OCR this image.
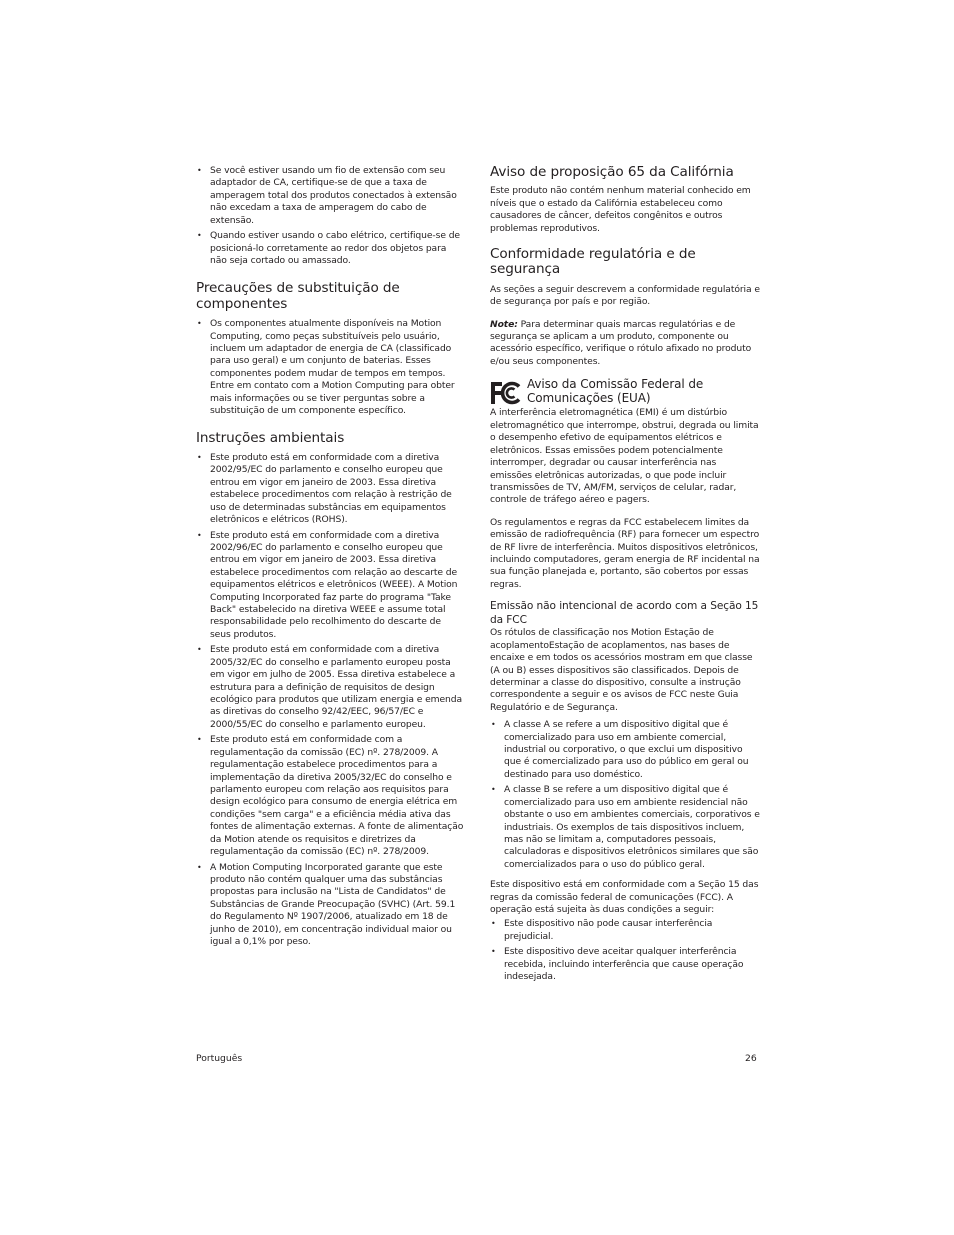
• Se você estiver usando um fio de extensão com seu adaptador de CA, certifique-se de que a taxa de amperagem total dos produtos conectados à extensão não excedam a taxa de amperagem do cabo de extensão.
• Quando estiver usando o cabo elétrico, certifique-se de posicioná-lo corretamente ao redor dos objetos para não seja cortado ou amassado.
Precauções de substituição de componentes
• Os componentes atualmente disponíveis na Motion Computing, como peças substituíveis pelo usuário, incluem um adaptador de energia de CA (classificado para uso geral) e um conjunto de baterias. Esses componentes podem mudar de tempos em tempos. Entre em contato com a Motion Computing para obter mais informações ou se tiver perguntas sobre a substituição de um componente específico.
Instruções ambientais
• Este produto está em conformidade com a diretiva 2002/95/EC do parlamento e conselho europeu que entrou em vigor em janeiro de 2003. Essa diretiva estabelece procedimentos com relação à restrição de uso de determinadas substâncias em equipamentos eletrônicos e elétricos (ROHS).
• Este produto está em conformidade com a diretiva 2002/96/EC do parlamento e conselho europeu que entrou em vigor em janeiro de 2003. Essa diretiva estabelece procedimentos com relação ao descarte de equipamentos elétricos e eletrônicos (WEEE). A Motion Computing Incorporated faz parte do programa "Take Back" estabelecido na diretiva WEEE e assume total responsabilidade pelo recolhimento do descarte de seus produtos.
• Este produto está em conformidade com a diretiva 2005/32/EC do conselho e parlamento europeu posta em vigor em julho de 2005. Essa diretiva estabelece a estrutura para a definição de requisitos de design ecológico para produtos que utilizam energia e emenda as diretivas do conselho 92/42/EEC, 96/57/EC e 2000/55/EC do conselho e parlamento europeu.
• Este produto está em conformidade com a regulamentação da comissão (EC) nº. 278/2009. A regulamentação estabelece procedimentos para a implementação da diretiva 2005/32/EC do conselho e parlamento europeu com relação aos requisitos para design ecológico para consumo de energia elétrica em condições "sem carga" e a eficiência média ativa das fontes de alimentação externas. A fonte de alimentação da Motion atende os requisitos e diretrizes da regulamentação da comissão (EC) nº. 278/2009.
• A Motion Computing Incorporated garante que este produto não contém qualquer uma das substâncias propostas para inclusão na "Lista de Candidatos" de Substâncias de Grande Preocupação (SVHC) (Art. 59.1 do Regulamento Nº 1907/2006, atualizado em 18 de junho de 2010), em concentração individual maior ou igual a 0,1% por peso.
Aviso de proposição 65 da Califórnia

Este produto não contém nenhum material conhecido em níveis que o estado da Califórnia estabeleceu como causadores de câncer, defeitos congênitos e outros problemas reprodutivos.

Conformidade regulatória e de segurança

As seções a seguir descrevem a conformidade regulatória e de segurança por país e por região.

Note: Para determinar quais marcas regulatórias e de segurança se aplicam a um produto, componente ou acessório específico, verifique o rótulo afixado no produto e/ou seus componentes.

Aviso da Comissão Federal de Comunicações (EUA)

A interferência eletromagnética (EMI) é um distúrbio eletromagnético que interrompe, obstrui, degrada ou limita o desempenho efetivo de equipamentos elétricos e eletrônicos. Essas emissões podem potencialmente interromper, degradar ou causar interferência nas emissões eletrônicas autorizadas, o que pode incluir transmissões de TV, AM/FM, serviços de celular, radar, controle de tráfego aéreo e pagers.

Os regulamentos e regras da FCC estabelecem limites da emissão de radiofrequência (RF) para fornecer um espectro de RF livre de interferência. Muitos dispositivos eletrônicos, incluindo computadores, geram energia de RF incidental na sua função planejada e, portanto, são cobertos por essas regras.

Emissão não intencional de acordo com a Seção 15 da FCC

Os rótulos de classificação nos Motion Estação de acoplamentoEstação de acoplamentos, nas bases de encaixe e em todos os acessórios mostram em que classe (A ou B) esses dispositivos são classificados. Depois de determinar a classe do dispositivo, consulte a instrução correspondente a seguir e os avisos de FCC neste Guia Regulatório e de Segurança.

• A classe A se refere a um dispositivo digital que é comercializado para uso em ambiente comercial, industrial ou corporativo, o que exclui um dispositivo que é comercializado para uso do público em geral ou destinado para uso doméstico.
• A classe B se refere a um dispositivo digital que é comercializado para uso em ambiente residencial não obstante o uso em ambientes comerciais, corporativos e industriais. Os exemplos de tais dispositivos incluem, mas não se limitam a, computadores pessoais, calculadoras e dispositivos eletrônicos similares que são comercializados para o uso do público geral.

Este dispositivo está em conformidade com a Seção 15 das regras da comissão federal de comunicações (FCC). A operação está sujeita às duas condições a seguir:

• Este dispositivo não pode causar interferência prejudicial.
• Este dispositivo deve aceitar qualquer interferência recebida, incluindo interferência que cause operação indesejada.
Português	26
